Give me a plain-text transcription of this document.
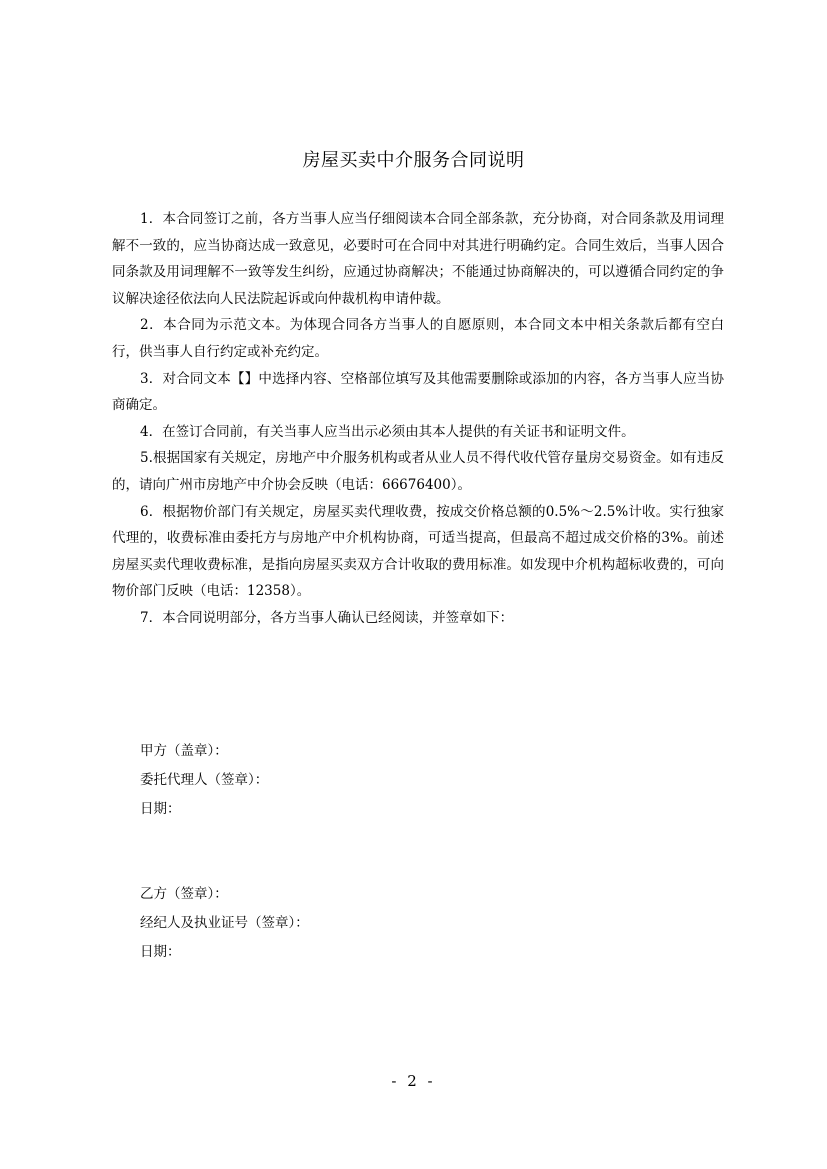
房屋买卖中介服务合同说明

1．本合同签订之前，各方当事人应当仔细阅读本合同全部条款，充分协商，对合同条款及用词理解不一致的，应当协商达成一致意见，必要时可在合同中对其进行明确约定。合同生效后，当事人因合同条款及用词理解不一致等发生纠纷，应通过协商解决；不能通过协商解决的，可以遵循合同约定的争议解决途径依法向人民法院起诉或向仲裁机构申请仲裁。

2．本合同为示范文本。为体现合同各方当事人的自愿原则，本合同文本中相关条款后都有空白行，供当事人自行约定或补充约定。

3．对合同文本【】中选择内容、空格部位填写及其他需要删除或添加的内容，各方当事人应当协商确定。

4．在签订合同前，有关当事人应当出示必须由其本人提供的有关证书和证明文件。

5.根据国家有关规定，房地产中介服务机构或者从业人员不得代收代管存量房交易资金。如有违反的，请向广州市房地产中介协会反映（电话：66676400）。

6．根据物价部门有关规定，房屋买卖代理收费，按成交价格总额的0.5%～2.5%计收。实行独家代理的，收费标准由委托方与房地产中介机构协商，可适当提高，但最高不超过成交价格的3%。前述房屋买卖代理收费标准，是指向房屋买卖双方合计收取的费用标准。如发现中介机构超标收费的，可向物价部门反映（电话：12358）。

7．本合同说明部分，各方当事人确认已经阅读，并签章如下：

甲方（盖章）：
委托代理人（签章）：
日期：
乙方（签章）：
经纪人及执业证号（签章）：
日期：
- 2 -
